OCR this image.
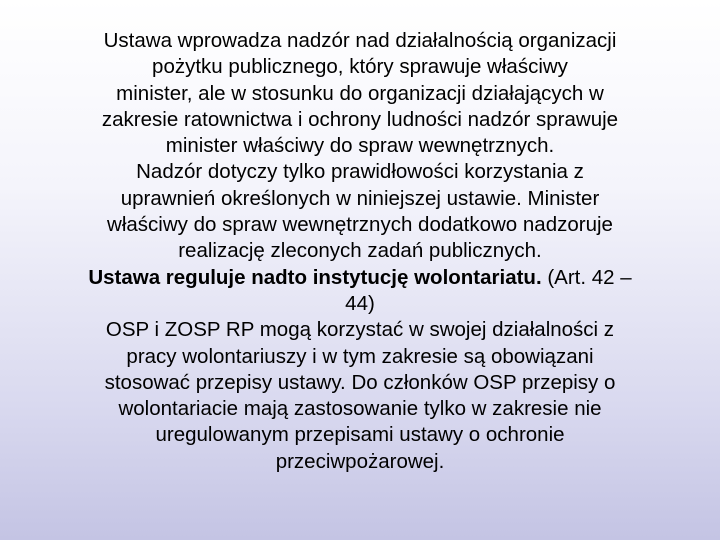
Ustawa wprowadza nadzór nad działalnością organizacji
pożytku publicznego, który sprawuje właściwy
minister, ale w stosunku do organizacji działających w
zakresie ratownictwa i ochrony ludności nadzór sprawuje
minister właściwy do spraw wewnętrznych.

Nadzór dotyczy tylko prawidłowości korzystania z
uprawnień określonych w niniejszej ustawie. Minister
właściwy do spraw wewnętrznych dodatkowo nadzoruje
realizację zleconych zadań publicznych.

Ustawa reguluje nadto instytucję wolontariatu. (Art. 42 –
44)

OSP i ZOSP RP mogą korzystać w swojej działalności z
pracy wolontariuszy i w tym zakresie są obowiązani
stosować przepisy ustawy. Do członków OSP przepisy o
wolontariacie mają zastosowanie tylko w zakresie nie
uregulowanym przepisami ustawy o ochronie
przeciwpożarowej.
